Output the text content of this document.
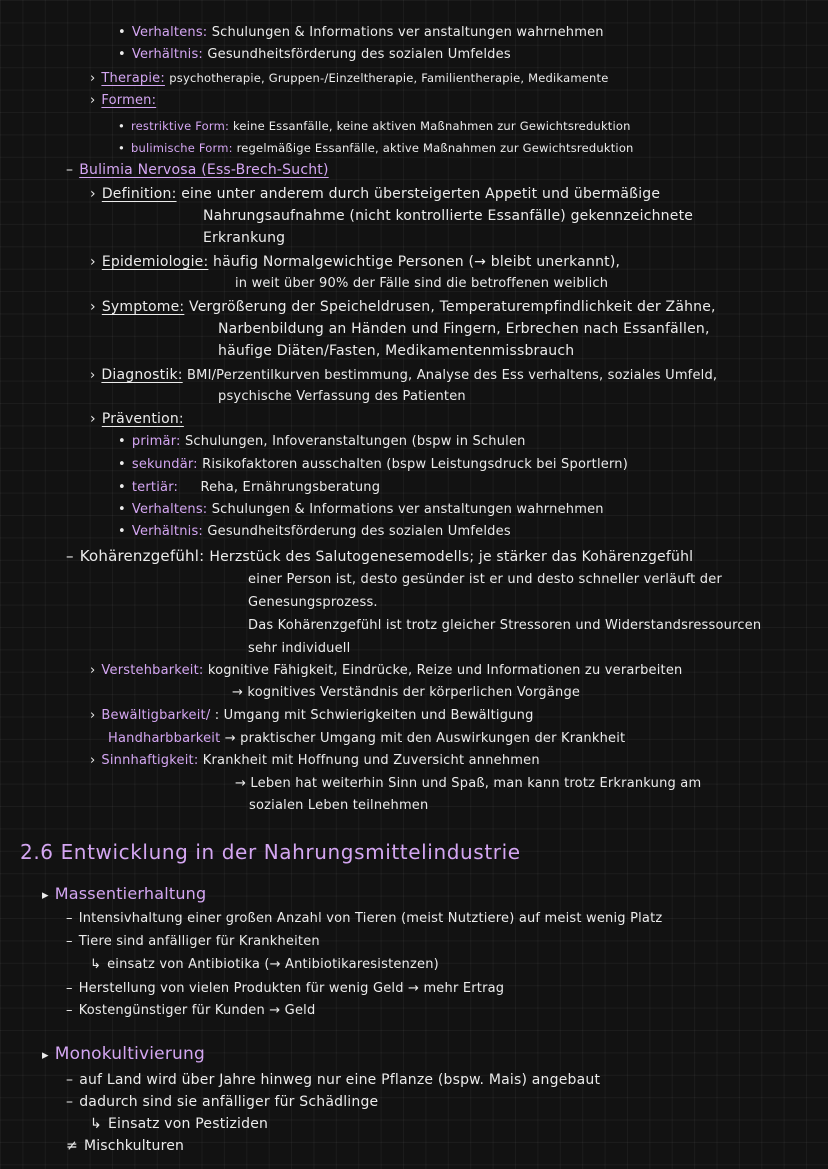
• Verhaltens: Schulungen & Informations ver anstaltungen wahrnehmen
• Verhältnis: Gesundheitsförderung des sozialen Umfeldes
› Therapie: psychotherapie, Gruppen-/Einzeltherapie, Familientherapie, Medikamente
› Formen:
• restriktive Form: keine Essanfälle, keine aktiven Maßnahmen zur Gewichtsreduktion
• bulimische Form: regelmäßige Essanfälle, aktive Maßnahmen zur Gewichtsreduktion
– Bulimia Nervosa (Ess-Brech-Sucht)
› Definition: eine unter anderem durch übersteigerten Appetit und übermäßige
Nahrungsaufnahme (nicht kontrollierte Essanfälle) gekennzeichnete
Erkrankung
› Epidemiologie: häufig Normalgewichtige Personen (→ bleibt unerkannt),
in weit über 90% der Fälle sind die betroffenen weiblich
› Symptome: Vergrößerung der Speicheldrusen, Temperaturempfindlichkeit der Zähne,
Narbenbildung an Händen und Fingern, Erbrechen nach Essanfällen,
häufige Diäten/Fasten, Medikamentenmissbrauch
› Diagnostik: BMI/Perzentilkurven bestimmung, Analyse des Ess verhaltens, soziales Umfeld,
psychische Verfassung des Patienten
› Prävention:
• primär: Schulungen, Infoveranstaltungen (bspw in Schulen
• sekundär: Risikofaktoren ausschalten (bspw Leistungsdruck bei Sportlern)
• tertiär: Reha, Ernährungsberatung
• Verhaltens: Schulungen & Informations ver anstaltungen wahrnehmen
• Verhältnis: Gesundheitsförderung des sozialen Umfeldes
– Kohärenzgefühl: Herzstück des Salutogenesemodells; je stärker das Kohärenzgefühl
einer Person ist, desto gesünder ist er und desto schneller verläuft der
Genesungsprozess.
Das Kohärenzgefühl ist trotz gleicher Stressoren und Widerstandsressourcen
sehr individuell
› Verstehbarkeit: kognitive Fähigkeit, Eindrücke, Reize und Informationen zu verarbeiten
→ kognitives Verständnis der körperlichen Vorgänge
› Bewältigbarkeit/ : Umgang mit Schwierigkeiten und Bewältigung
Handharbbarkeit → praktischer Umgang mit den Auswirkungen der Krankheit
› Sinnhaftigkeit: Krankheit mit Hoffnung und Zuversicht annehmen
→ Leben hat weiterhin Sinn und Spaß, man kann trotz Erkrankung am
sozialen Leben teilnehmen
2.6 Entwicklung in der Nahrungsmittelindustrie
▸ Massentierhaltung
– Intensivhaltung einer großen Anzahl von Tieren (meist Nutztiere) auf meist wenig Platz
– Tiere sind anfälliger für Krankheiten
↳ einsatz von Antibiotika (→ Antibiotikaresistenzen)
– Herstellung von vielen Produkten für wenig Geld → mehr Ertrag
– Kostengünstiger für Kunden → Geld
▸ Monokultivierung
– auf Land wird über Jahre hinweg nur eine Pflanze (bspw. Mais) angebaut
– dadurch sind sie anfälliger für Schädlinge
↳ Einsatz von Pestiziden
≠ Mischkulturen
